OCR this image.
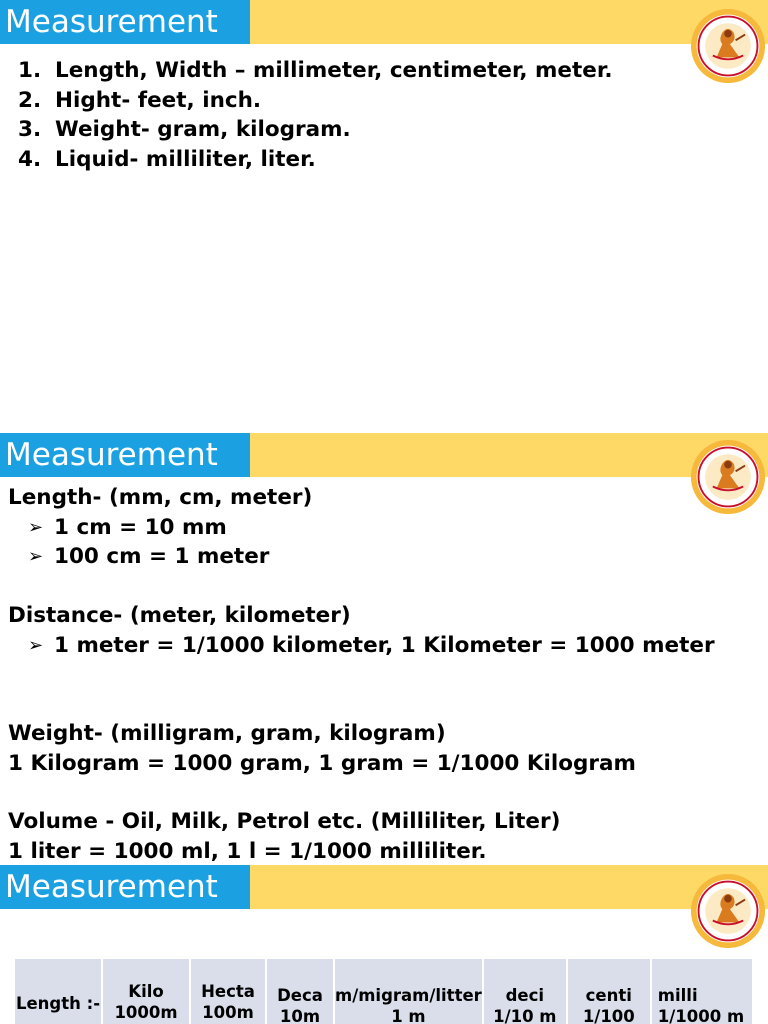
Measurement
1. Length, Width – millimeter, centimeter, meter.
2. Hight- feet, inch.
3. Weight- gram, kilogram.
4. Liquid- milliliter, liter.
Measurement
Length- (mm, cm, meter)
➢ 1 cm = 10 mm
➢ 100 cm = 1 meter
Distance- (meter, kilometer)
➢ 1 meter = 1/1000 kilometer, 1 Kilometer = 1000 meter
Weight- (milligram, gram, kilogram)
1 Kilogram = 1000 gram, 1 gram = 1/1000 Kilogram
Volume - Oil, Milk, Petrol etc. (Milliliter, Liter)
1 liter = 1000 ml, 1 l = 1/1000 milliliter.
Measurement
Length :-

Kilo
1000m

Hecta
100m

Deca
10m

m/migram/litter
1 m

deci
1/10 m

centi
1/100

milli
1/1000 m
